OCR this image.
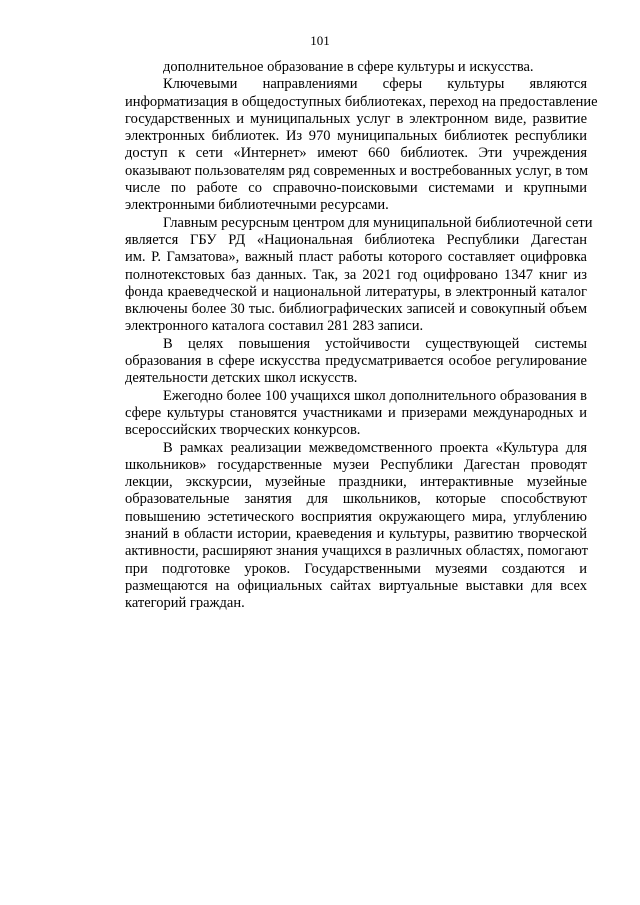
101
дополнительное образование в сфере культуры и искусства.
Ключевыми направлениями сферы культуры являются
информатизация в общедоступных библиотеках, переход на предоставление
государственных и муниципальных услуг в электронном виде, развитие
электронных библиотек. Из 970 муниципальных библиотек республики
доступ к сети «Интернет» имеют 660 библиотек. Эти учреждения
оказывают пользователям ряд современных и востребованных услуг, в том
числе по работе со справочно-поисковыми системами и крупными
электронными библиотечными ресурсами.
Главным ресурсным центром для муниципальной библиотечной сети
является ГБУ РД «Национальная библиотека Республики Дагестан
им. Р. Гамзатова», важный пласт работы которого составляет оцифровка
полнотекстовых баз данных. Так, за 2021 год оцифровано 1347 книг из
фонда краеведческой и национальной литературы, в электронный каталог
включены более 30 тыс. библиографических записей и совокупный объем
электронного каталога составил 281 283 записи.
В целях повышения устойчивости существующей системы
образования в сфере искусства предусматривается особое регулирование
деятельности детских школ искусств.
Ежегодно более 100 учащихся школ дополнительного образования в
сфере культуры становятся участниками и призерами международных и
всероссийских творческих конкурсов.
В рамках реализации межведомственного проекта «Культура для
школьников» государственные музеи Республики Дагестан проводят
лекции, экскурсии, музейные праздники, интерактивные музейные
образовательные занятия для школьников, которые способствуют
повышению эстетического восприятия окружающего мира, углублению
знаний в области истории, краеведения и культуры, развитию творческой
активности, расширяют знания учащихся в различных областях, помогают
при подготовке уроков. Государственными музеями создаются и
размещаются на официальных сайтах виртуальные выставки для всех
категорий граждан.
